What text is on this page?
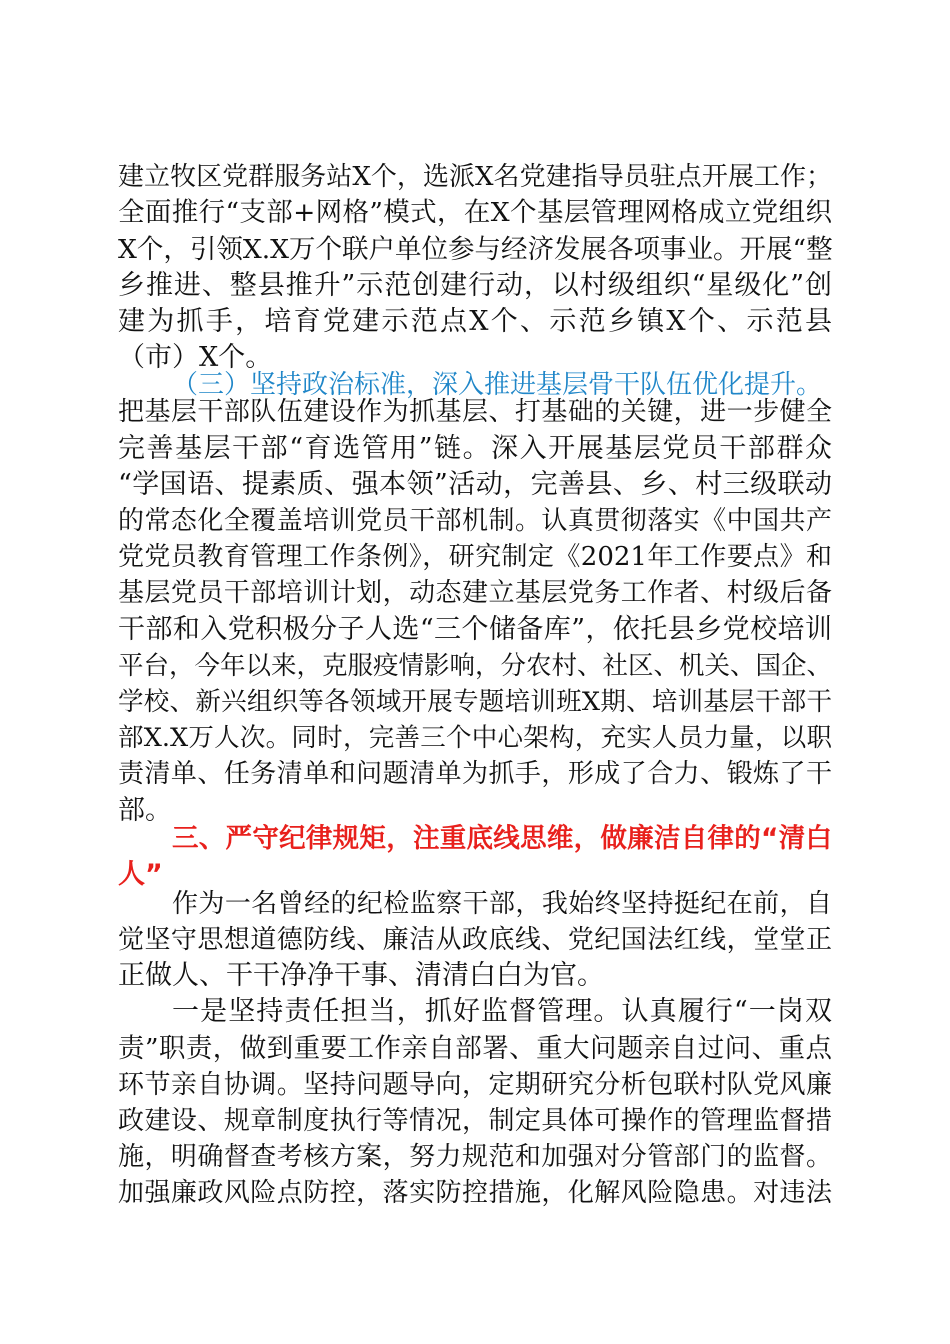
建立牧区党群服务站X个，选派X名党建指导员驻点开展工作；
全面推行“支部+网格”模式，在X个基层管理网格成立党组织
X个，引领X.X万个联户单位参与经济发展各项事业。开展“整
乡推进、整县推升”示范创建行动，以村级组织“星级化”创
建为抓手，培育党建示范点X个、示范乡镇X个、示范县
（市）X个。
（三）坚持政治标准，深入推进基层骨干队伍优化提升。
把基层干部队伍建设作为抓基层、打基础的关键，进一步健全
完善基层干部“育选管用”链。深入开展基层党员干部群众
“学国语、提素质、强本领”活动，完善县、乡、村三级联动
的常态化全覆盖培训党员干部机制。认真贯彻落实《中国共产
党党员教育管理工作条例》，研究制定《2021年工作要点》和
基层党员干部培训计划，动态建立基层党务工作者、村级后备
干部和入党积极分子人选“三个储备库”，依托县乡党校培训
平台，今年以来，克服疫情影响，分农村、社区、机关、国企、
学校、新兴组织等各领域开展专题培训班X期、培训基层干部干
部X.X万人次。同时，完善三个中心架构，充实人员力量，以职
责清单、任务清单和问题清单为抓手，形成了合力、锻炼了干
部。
三、严守纪律规矩，注重底线思维，做廉洁自律的“清白
人”
作为一名曾经的纪检监察干部，我始终坚持挺纪在前，自
觉坚守思想道德防线、廉洁从政底线、党纪国法红线，堂堂正
正做人、干干净净干事、清清白白为官。
一是坚持责任担当，抓好监督管理。认真履行“一岗双
责”职责，做到重要工作亲自部署、重大问题亲自过问、重点
环节亲自协调。坚持问题导向，定期研究分析包联村队党风廉
政建设、规章制度执行等情况，制定具体可操作的管理监督措
施，明确督查考核方案，努力规范和加强对分管部门的监督。
加强廉政风险点防控，落实防控措施，化解风险隐患。对违法
